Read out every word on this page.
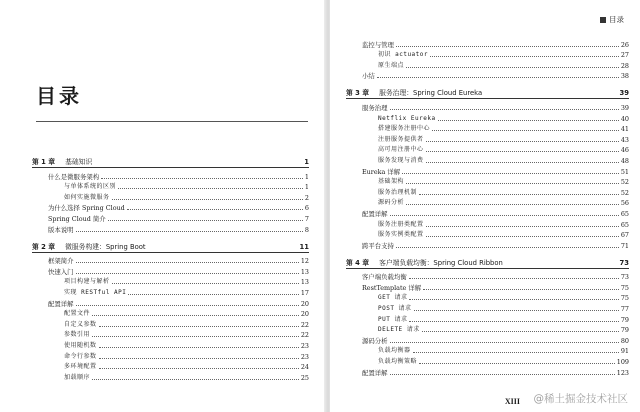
目录
第 1 章 基础知识	1
什么是微服务架构	1
与单体系统的区别	1
如何实施微服务	2
为什么选择 Spring Cloud	6
Spring Cloud 简介	7
版本说明	8
第 2 章 微服务构建：Spring Boot	11
框架简介	12
快速入门	13
项目构建与解析	13
实现 RESTful API	17
配置详解	20
配置文件	20
自定义参数	22
参数引用	22
使用随机数	23
命令行参数	23
多环境配置	24
加载顺序	25
目录
监控与管理	26
初识 actuator	27
原生端点	28
小结	38
第 3 章 服务治理：Spring Cloud Eureka	39
服务治理	39
Netflix Eureka	40
搭建服务注册中心	41
注册服务提供者	43
高可用注册中心	46
服务发现与消费	48
Eureka 详解	51
基础架构	52
服务治理机制	52
源码分析	56
配置详解	65
服务注册类配置	65
服务实例类配置	67
跨平台支持	71
第 4 章 客户端负载均衡：Spring Cloud Ribbon	73
客户端负载均衡	73
RestTemplate 详解	75
GET 请求	75
POST 请求	77
PUT 请求	79
DELETE 请求	79
源码分析	80
负载均衡器	91
负载均衡策略	109
配置详解	123
XIII @稀土掘金技术社区
